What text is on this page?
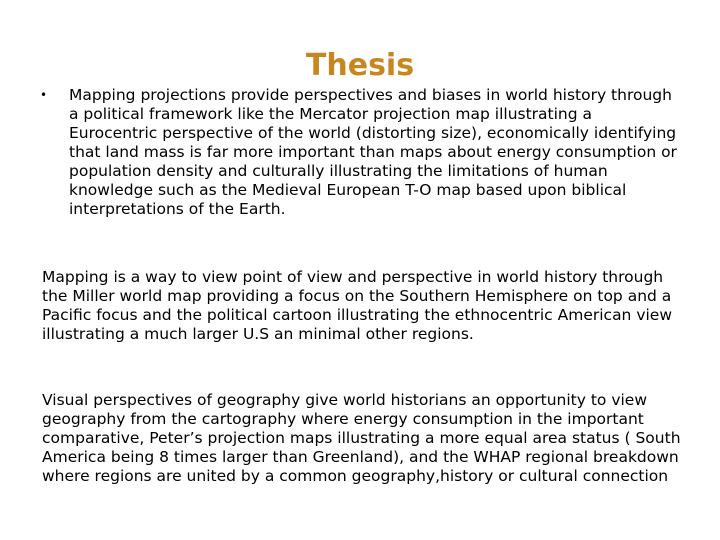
Thesis
• Mapping projections provide perspectives and biases in world history through a political framework like the Mercator projection map illustrating a Eurocentric perspective of the world (distorting size), economically identifying that land mass is far more important than maps about energy consumption or population density and culturally illustrating the limitations of human knowledge such as the Medieval European T-O map based upon biblical interpretations of the Earth.

Mapping is a way to view point of view and perspective in world history through the Miller world map providing a focus on the Southern Hemisphere on top and a Pacific focus and the political cartoon illustrating the ethnocentric American view illustrating a much larger U.S an minimal other regions.

Visual perspectives of geography give world historians an opportunity to view geography from the cartography where energy consumption in the important comparative, Peter’s projection maps illustrating a more equal area status ( South America being 8 times larger than Greenland), and the WHAP regional breakdown where regions are united by a common geography,history or cultural connection
